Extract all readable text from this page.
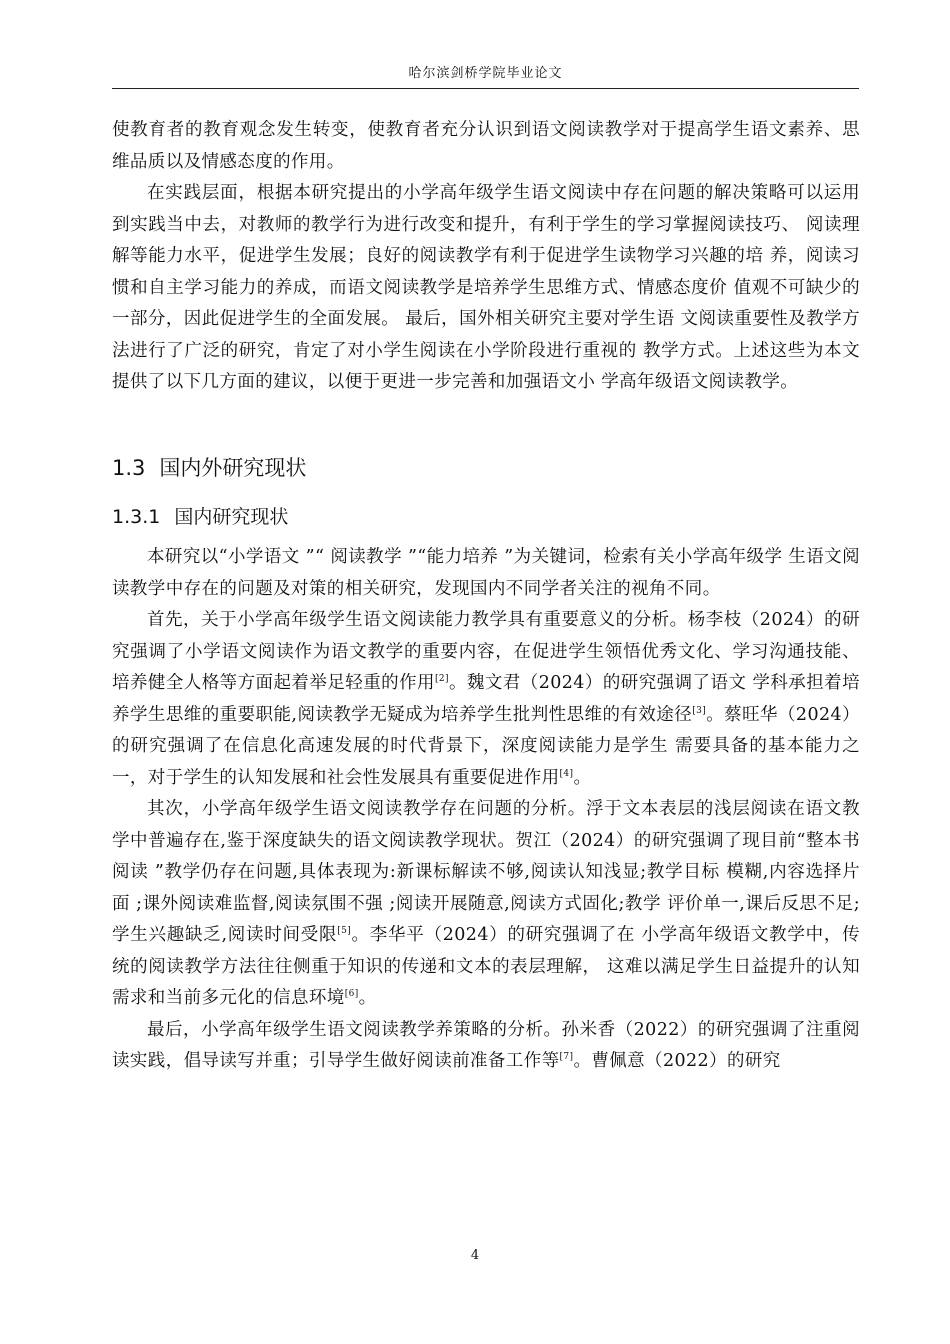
哈尔滨剑桥学院毕业论文

使教育者的教育观念发生转变，使教育者充分认识到语文阅读教学对于提高学生语文素养、思维品质以及情感态度的作用。

在实践层面，根据本研究提出的小学高年级学生语文阅读中存在问题的解决策略可以运用到实践当中去，对教师的教学行为进行改变和提升，有利于学生的学习掌握阅读技巧、 阅读理解等能力水平，促进学生发展；良好的阅读教学有利于促进学生读物学习兴趣的培 养，阅读习惯和自主学习能力的养成，而语文阅读教学是培养学生思维方式、情感态度价 值观不可缺少的一部分，因此促进学生的全面发展。 最后，国外相关研究主要对学生语 文阅读重要性及教学方法进行了广泛的研究，肯定了对小学生阅读在小学阶段进行重视的 教学方式。上述这些为本文提供了以下几方面的建议，以便于更进一步完善和加强语文小 学高年级语文阅读教学。

1.3 国内外研究现状
1.3.1 国内研究现状

本研究以“小学语文 ”“ 阅读教学 ”“能力培养 ”为关键词，检索有关小学高年级学 生语文阅读教学中存在的问题及对策的相关研究，发现国内不同学者关注的视角不同。

首先，关于小学高年级学生语文阅读能力教学具有重要意义的分析。杨李枝（2024）的研究强调了小学语文阅读作为语文教学的重要内容，在促进学生领悟优秀文化、学习沟通技能、培养健全人格等方面起着举足轻重的作用[2]。魏文君（2024）的研究强调了语文 学科承担着培养学生思维的重要职能,阅读教学无疑成为培养学生批判性思维的有效途径[3]。蔡旺华（2024）的研究强调了在信息化高速发展的时代背景下，深度阅读能力是学生 需要具备的基本能力之一，对于学生的认知发展和社会性发展具有重要促进作用[4]。

其次，小学高年级学生语文阅读教学存在问题的分析。浮于文本表层的浅层阅读在语文教学中普遍存在,鉴于深度缺失的语文阅读教学现状。贺江（2024）的研究强调了现目前“整本书阅读 ”教学仍存在问题,具体表现为:新课标解读不够,阅读认知浅显;教学目标 模糊,内容选择片面 ;课外阅读难监督,阅读氛围不强 ;阅读开展随意,阅读方式固化;教学 评价单一,课后反思不足;学生兴趣缺乏,阅读时间受限[5]。李华平（2024）的研究强调了在 小学高年级语文教学中，传统的阅读教学方法往往侧重于知识的传递和文本的表层理解， 这难以满足学生日益提升的认知需求和当前多元化的信息环境[6]。

最后，小学高年级学生语文阅读教学养策略的分析。孙米香（2022）的研究强调了注重阅读实践，倡导读写并重；引导学生做好阅读前准备工作等[7]。曹佩意（2022）的研究

4
